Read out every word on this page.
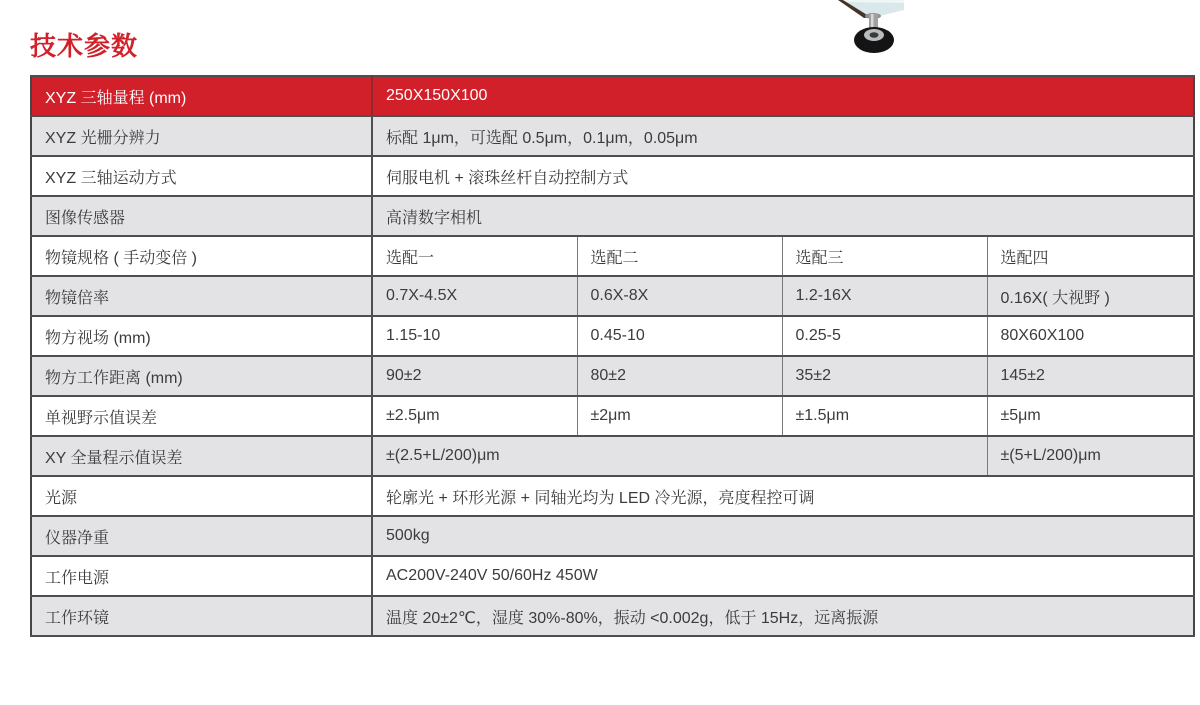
技术参数
XYZ 三轴量程 (mm)	250X150X100			
XYZ 光栅分辨力	标配 1μm，可选配 0.5μm，0.1μm，0.05μm			
XYZ 三轴运动方式	伺服电机 + 滚珠丝杆自动控制方式			
图像传感器	高清数字相机			
物镜规格 ( 手动变倍 )	选配一	选配二	选配三	选配四
物镜倍率	0.7X-4.5X	0.6X-8X	1.2-16X	0.16X( 大视野 )
物方视场 (mm)	1.15-10	0.45-10	0.25-5	80X60X100
物方工作距离 (mm)	90±2	80±2	35±2	145±2
单视野示值误差	±2.5μm	±2μm	±1.5μm	±5μm
XY 全量程示值误差	±(2.5+L/200)μm			±(5+L/200)μm
光源	轮廓光 + 环形光源 + 同轴光均为 LED 冷光源，亮度程控可调			
仪器净重	500kg			
工作电源	AC200V-240V 50/60Hz 450W			
工作环镜	温度 20±2℃，湿度 30%-80%，振动 <0.002g，低于 15Hz，远离振源			
